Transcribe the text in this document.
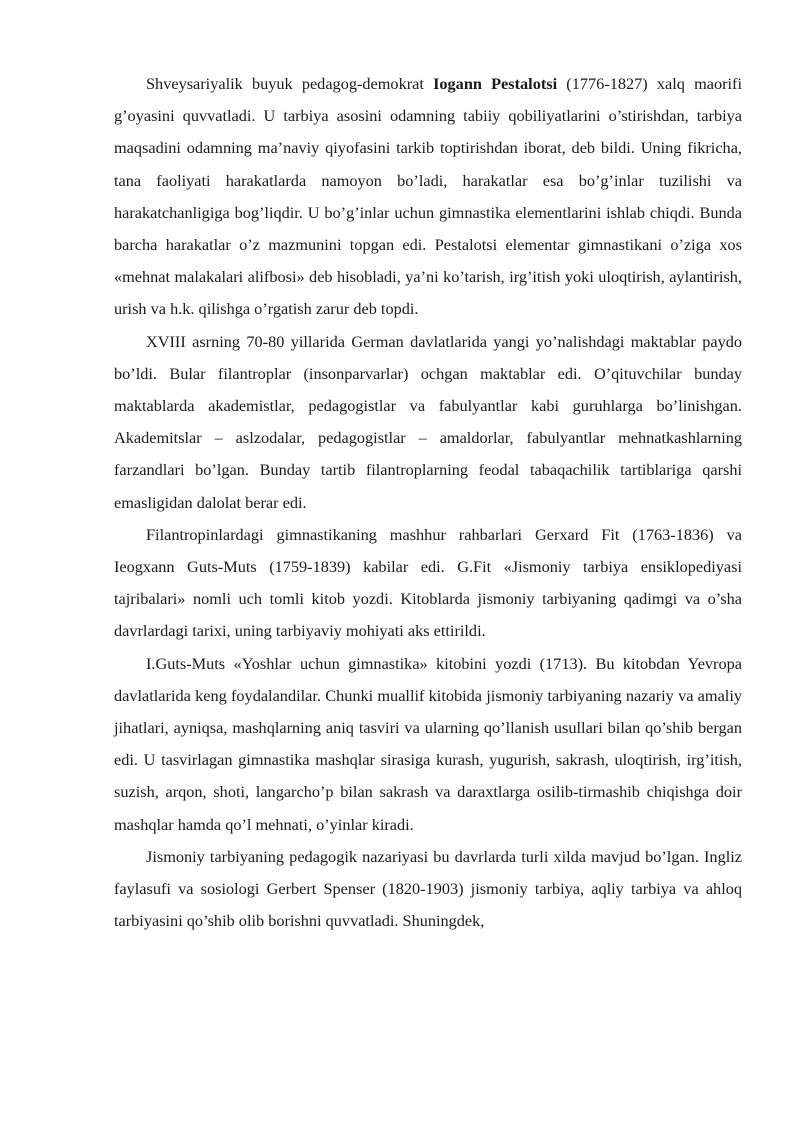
Shveysariyalik buyuk pedagog-demokrat Iogann Pestalotsi (1776-1827) xalq maorifi g’oyasini quvvatladi. U tarbiya asosini odamning tabiiy qobiliyatlarini o’stirishdan, tarbiya maqsadini odamning ma’naviy qiyofasini tarkib toptirishdan iborat, deb bildi. Uning fikricha, tana faoliyati harakatlarda namoyon bo’ladi, harakatlar esa bo’g’inlar tuzilishi va harakatchanligiga bog’liqdir. U bo’g’inlar uchun gimnastika elementlarini ishlab chiqdi. Bunda barcha harakatlar o’z mazmunini topgan edi. Pestalotsi elementar gimnastikani o’ziga xos «mehnat malakalari alifbosi» deb hisobladi, ya’ni ko’tarish, irg’itish yoki uloqtirish, aylantirish, urish va h.k. qilishga o’rgatish zarur deb topdi.

XVIII asrning 70-80 yillarida German davlatlarida yangi yo’nalishdagi maktablar paydo bo’ldi. Bular filantroplar (insonparvarlar) ochgan maktablar edi. O’qituvchilar bunday maktablarda akademistlar, pedagogistlar va fabulyantlar kabi guruhlarga bo’linishgan. Akademitslar – aslzodalar, pedagogistlar – amaldorlar, fabulyantlar mehnatkashlarning farzandlari bo’lgan. Bunday tartib filantroplarning feodal tabaqachilik tartiblariga qarshi emasligidan dalolat berar edi.

Filantropinlardagi gimnastikaning mashhur rahbarlari Gerxard Fit (1763-1836) va Ieogxann Guts-Muts (1759-1839) kabilar edi. G.Fit «Jismoniy tarbiya ensiklopediyasi tajribalari» nomli uch tomli kitob yozdi. Kitoblarda jismoniy tarbiyaning qadimgi va o’sha davrlardagi tarixi, uning tarbiyaviy mohiyati aks ettirildi.

I.Guts-Muts «Yoshlar uchun gimnastika» kitobini yozdi (1713). Bu kitobdan Yevropa davlatlarida keng foydalandilar. Chunki muallif kitobida jismoniy tarbiyaning nazariy va amaliy jihatlari, ayniqsa, mashqlarning aniq tasviri va ularning qo’llanish usullari bilan qo’shib bergan edi. U tasvirlagan gimnastika mashqlar sirasiga kurash, yugurish, sakrash, uloqtirish, irg’itish, suzish, arqon, shoti, langarcho’p bilan sakrash va daraxtlarga osilib-tirmashib chiqishga doir mashqlar hamda qo’l mehnati, o’yinlar kiradi.

Jismoniy tarbiyaning pedagogik nazariyasi bu davrlarda turli xilda mavjud bo’lgan. Ingliz faylasufi va sosiologi Gerbert Spenser (1820-1903) jismoniy tarbiya, aqliy tarbiya va ahloq tarbiyasini qo’shib olib borishni quvvatladi. Shuningdek,
